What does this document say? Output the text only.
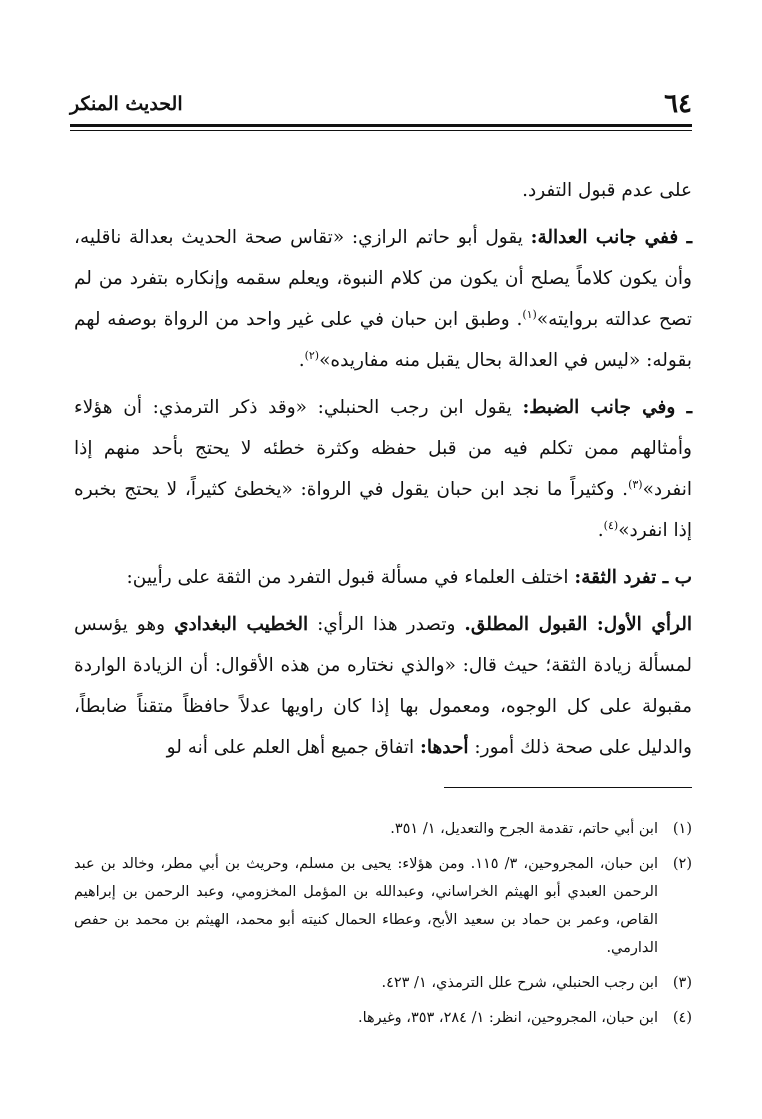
٦٤
الحديث المنكر

على عدم قبول التفرد.

ـ ففي جانب العدالة: يقول أبو حاتم الرازي: «تقاس صحة الحديث بعدالة ناقليه، وأن يكون كلاماً يصلح أن يكون من كلام النبوة، ويعلم سقمه وإنكاره بتفرد من لم تصح عدالته بروايته»$^{(١)}$. وطبق ابن حبان في على غير واحد من الرواة بوصفه لهم بقوله: «ليس في العدالة بحال يقبل منه مفاريده»$^{(٢)}$.

ـ وفي جانب الضبط: يقول ابن رجب الحنبلي: «وقد ذكر الترمذي: أن هؤلاء وأمثالهم ممن تكلم فيه من قبل حفظه وكثرة خطئه لا يحتج بأحد منهم إذا انفرد»$^{(٣)}$. وكثيراً ما نجد ابن حبان يقول في الرواة: «يخطئ كثيراً، لا يحتج بخبره إذا انفرد»$^{(٤)}$.

ب ـ تفرد الثقة: اختلف العلماء في مسألة قبول التفرد من الثقة على رأيين:

الرأي الأول: القبول المطلق. وتصدر هذا الرأي: الخطيب البغدادي وهو يؤسس لمسألة زيادة الثقة؛ حيث قال: «والذي نختاره من هذه الأقوال: أن الزيادة الواردة مقبولة على كل الوجوه، ومعمول بها إذا كان راويها عدلاً حافظاً متقناً ضابطاً، والدليل على صحة ذلك أمور: أحدها: اتفاق جميع أهل العلم على أنه لو

(١)
ابن أبي حاتم، تقدمة الجرح والتعديل، ١/ ٣٥١.
(٢)
ابن حبان، المجروحين، ٣/ ١١٥. ومن هؤلاء: يحيى بن مسلم، وحريث بن أبي مطر، وخالد بن عبد الرحمن العبدي أبو الهيثم الخراساني، وعبدالله بن المؤمل المخزومي، وعبد الرحمن بن إبراهيم القاص، وعمر بن حماد بن سعيد الأبح، وعطاء الحمال كنيته أبو محمد، الهيثم بن محمد بن حفص الدارمي.
(٣)
ابن رجب الحنبلي، شرح علل الترمذي، ١/ ٤٢٣.
(٤)
ابن حبان، المجروحين، انظر: ١/ ٢٨٤، ٣٥٣، وغيرها.
